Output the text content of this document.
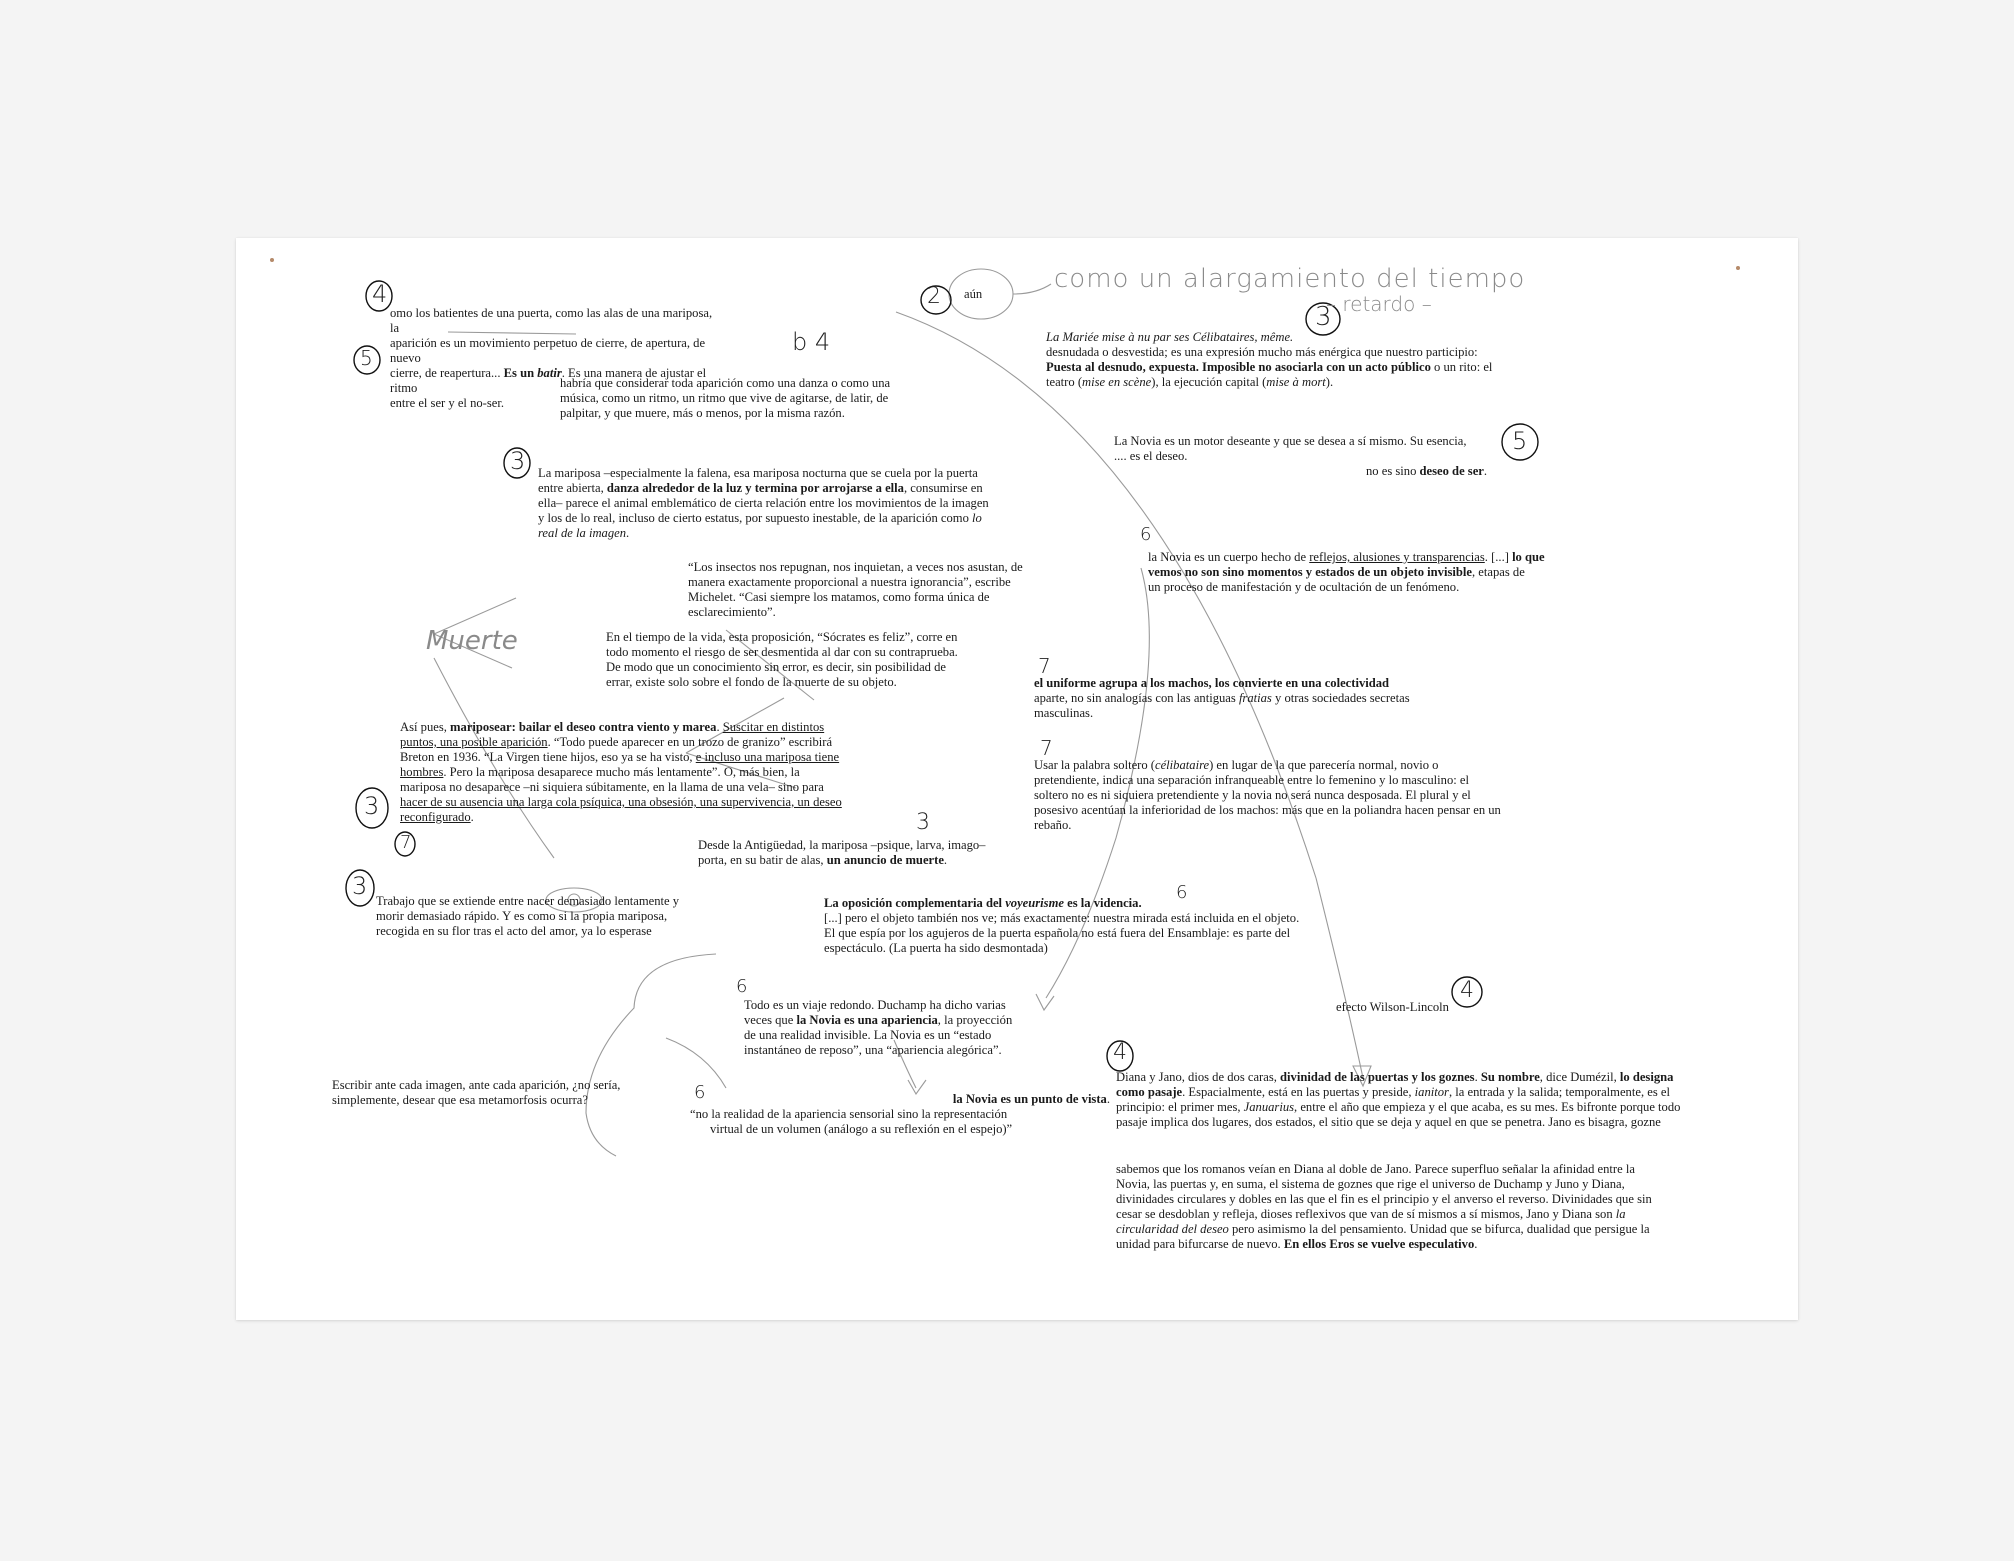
aún	como un alargamiento del tiempo
– retardo –
4
5
2
3
b 4
3
5
6
7
7
3
7
3
3	6
6
6
4
4
Muerte

omo los batientes de una puerta, como las alas de una mariposa, la

aparición es un movimiento perpetuo de cierre, de apertura, de nuevo

cierre, de reapertura... Es un batir. Es una manera de ajustar el ritmo

entre el ser y el no-ser.

habría que considerar toda aparición como una danza o como una

música, como un ritmo, un ritmo que vive de agitarse, de latir, de

palpitar, y que muere, más o menos, por la misma razón.

La mariposa –especialmente la falena, esa mariposa nocturna que se cuela por la puerta

entre abierta, danza alrededor de la luz y termina por arrojarse a ella, consumirse en

ella– parece el animal emblemático de cierta relación entre los movimientos de la imagen

y los de lo real, incluso de cierto estatus, por supuesto inestable, de la aparición como lo

real de la imagen.

“Los insectos nos repugnan, nos inquietan, a veces nos asustan, de

manera exactamente proporcional a nuestra ignorancia”, escribe

Michelet. “Casi siempre los matamos, como forma única de

esclarecimiento”.

En el tiempo de la vida, esta proposición, “Sócrates es feliz”, corre en

todo momento el riesgo de ser desmentida al dar con su contraprueba.

De modo que un conocimiento sin error, es decir, sin posibilidad de

errar, existe solo sobre el fondo de la muerte de su objeto.

Así pues, mariposear: bailar el deseo contra viento y marea. Suscitar en distintos

puntos, una posible aparición. “Todo puede aparecer en un trozo de granizo” escribirá

Breton en 1936. “La Virgen tiene hijos, eso ya se ha visto, e incluso una mariposa tiene

hombres. Pero la mariposa desaparece mucho más lentamente”. O, más bien, la

mariposa no desaparece –ni siquiera súbitamente, en la llama de una vela– sino para

hacer de su ausencia una larga cola psíquica, una obsesión, una supervivencia, un deseo

reconfigurado.

Desde la Antigüedad, la mariposa –psique, larva, imago–

porta, en su batir de alas, un anuncio de muerte.

Trabajo que se extiende entre nacer demasiado lentamente y

morir demasiado rápido. Y es como si la propia mariposa,

recogida en su flor tras el acto del amor, ya lo esperase

Escribir ante cada imagen, ante cada aparición, ¿no sería,

simplemente, desear que esa metamorfosis ocurra?

La Mariée mise à nu par ses Célibataires, même.

desnudada o desvestida; es una expresión mucho más enérgica que nuestro participio:

Puesta al desnudo, expuesta. Imposible no asociarla con un acto público o un rito: el

teatro (mise en scène), la ejecución capital (mise à mort).

La Novia es un motor deseante y que se desea a sí mismo. Su esencia,

.... es el deseo.

no es sino deseo de ser.

la Novia es un cuerpo hecho de reflejos, alusiones y transparencias. [...] lo que

vemos no son sino momentos y estados de un objeto invisible, etapas de

un proceso de manifestación y de ocultación de un fenómeno.

el uniforme agrupa a los machos, los convierte en una colectividad

aparte, no sin analogías con las antiguas fratias y otras sociedades secretas

masculinas.

Usar la palabra soltero (célibataire) en lugar de la que parecería normal, novio o

pretendiente, indica una separación infranqueable entre lo femenino y lo masculino: el

soltero no es ni siquiera pretendiente y la novia no será nunca desposada. El plural y el

posesivo acentúan la inferioridad de los machos: más que en la poliandra hacen pensar en un

rebaño.

La oposición complementaria del voyeurisme es la videncia.

[...] pero el objeto también nos ve; más exactamente: nuestra mirada está incluida en el objeto.

El que espía por los agujeros de la puerta española no está fuera del Ensamblaje: es parte del

espectáculo. (La puerta ha sido desmontada)

Todo es un viaje redondo. Duchamp ha dicho varias

veces que la Novia es una apariencia, la proyección

de una realidad invisible. La Novia es un “estado

instantáneo de reposo”, una “apariencia alegórica”.

la Novia es un punto de vista.

“no la realidad de la apariencia sensorial sino la representación

virtual de un volumen (análogo a su reflexión en el espejo)”

efecto Wilson-Lincoln

Diana y Jano, dios de dos caras, divinidad de las puertas y los goznes. Su nombre, dice Dumézil, lo designa

como pasaje. Espacialmente, está en las puertas y preside, ianitor, la entrada y la salida; temporalmente, es el

principio: el primer mes, Januarius, entre el año que empieza y el que acaba, es su mes. Es bifronte porque todo

pasaje implica dos lugares, dos estados, el sitio que se deja y aquel en que se penetra. Jano es bisagra, gozne

sabemos que los romanos veían en Diana al doble de Jano. Parece superfluo señalar la afinidad entre la

Novia, las puertas y, en suma, el sistema de goznes que rige el universo de Duchamp y Juno y Diana,

divinidades circulares y dobles en las que el fin es el principio y el anverso el reverso. Divinidades que sin

cesar se desdoblan y refleja, dioses reflexivos que van de sí mismos a sí mismos, Jano y Diana son la

circularidad del deseo pero asimismo la del pensamiento. Unidad que se bifurca, dualidad que persigue la

unidad para bifurcarse de nuevo. En ellos Eros se vuelve especulativo.
